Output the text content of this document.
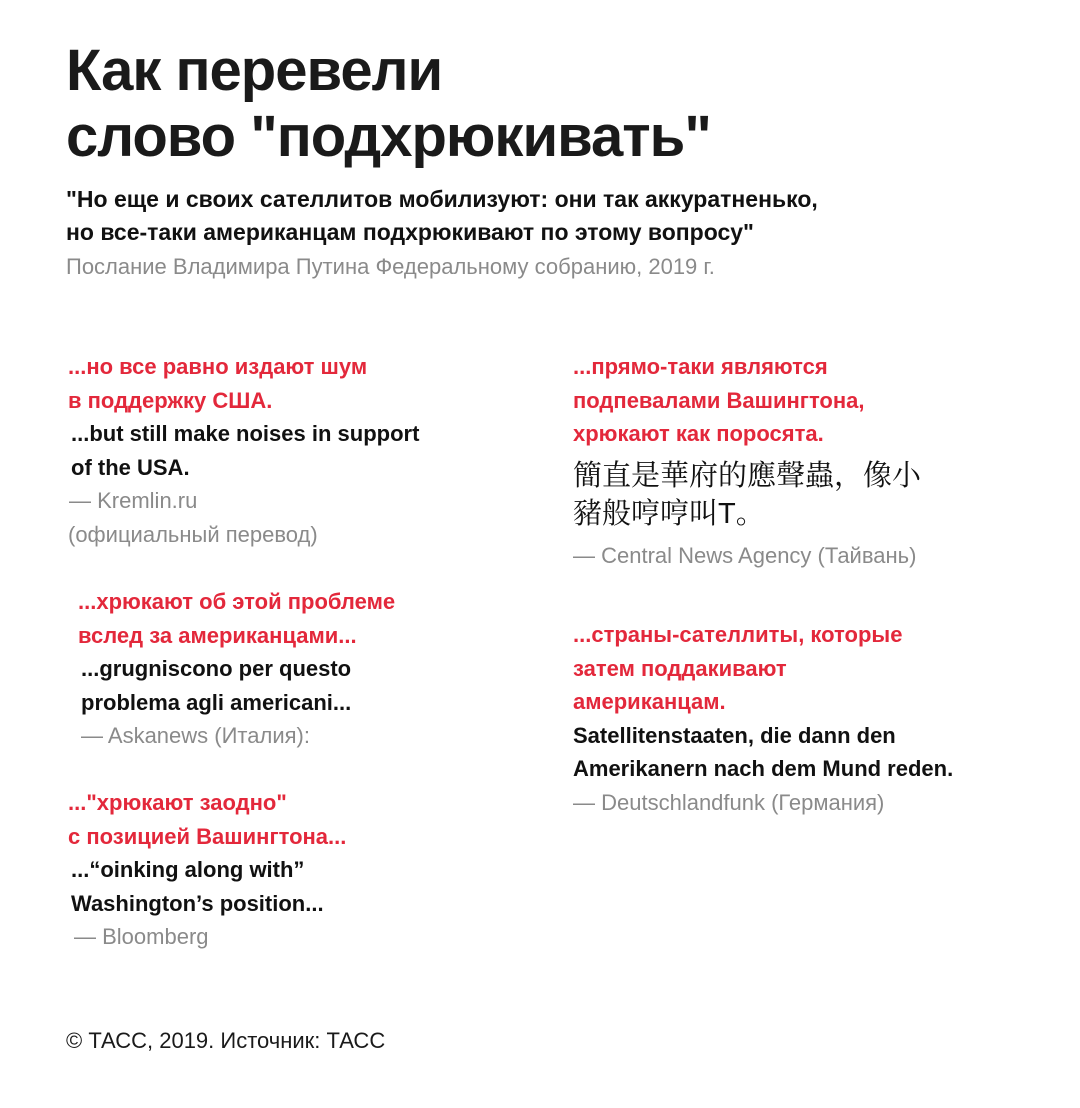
Как перевели
слово "подхрюкивать"
"Но еще и своих сателлитов мобилизуют: они так аккуратненько,
но все-таки американцам подхрюкивают по этому вопросу"
Послание Владимира Путина Федеральному собранию, 2019 г.
...но все равно издают шум
в поддержку США.
...but still make noises in support
of the USA.
— Kremlin.ru
(официальный перевод)
...хрюкают об этой проблеме
вслед за американцами...
...grugniscono per questo
problema agli americani...
— Askanews (Италия):
..."хрюкают заодно"
с позицией Вашингтона...
...“oinking along with”
Washington’s position...
— Bloomberg
...прямо-таки являются
подпевалами Вашингтона,
хрюкают как поросята.
簡直是華府的應聲蟲，像小
豬般哼哼叫T。
— Central News Agency (Тайвань)
...страны-сателлиты, которые
затем поддакивают
американцам.
Satellitenstaaten, die dann den
Amerikanern nach dem Mund reden.
— Deutschlandfunk (Германия)
© ТАСС, 2019. Источник: ТАСС
